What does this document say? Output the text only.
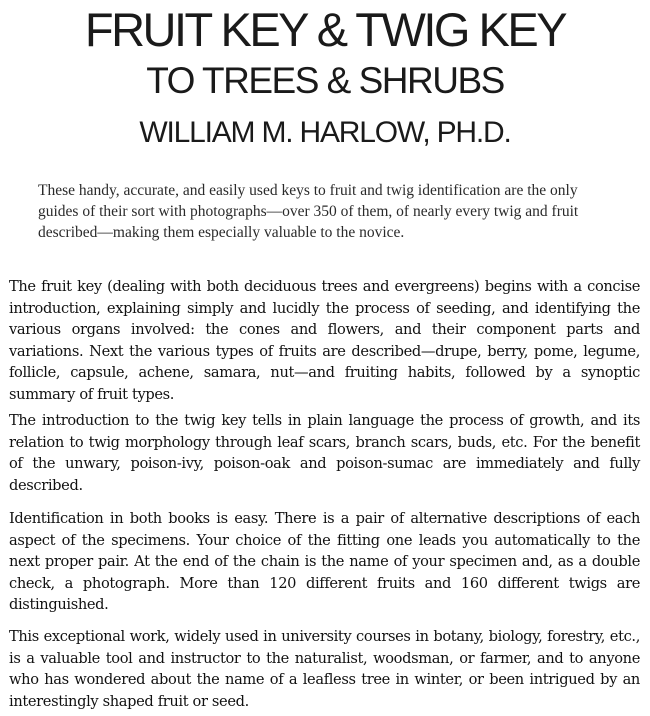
FRUIT KEY & TWIG KEY
TO TREES & SHRUBS
WILLIAM M. HARLOW, PH.D.

These handy, accurate, and easily used keys to fruit and twig identification are the only guides of their sort with photographs—over 350 of them, of nearly every twig and fruit described—making them especially valuable to the novice.

The fruit key (dealing with both deciduous trees and evergreens) begins with a concise introduction, explaining simply and lucidly the process of seeding, and identifying the various organs involved: the cones and flowers, and their component parts and variations. Next the various types of fruits are described—drupe, berry, pome, legume, follicle, capsule, achene, samara, nut—and fruiting habits, followed by a synoptic summary of fruit types.

The introduction to the twig key tells in plain language the process of growth, and its relation to twig morphology through leaf scars, branch scars, buds, etc. For the benefit of the unwary, poison-ivy, poison-oak and poison-sumac are immediately and fully described.

Identification in both books is easy. There is a pair of alternative descriptions of each aspect of the specimens. Your choice of the fitting one leads you automatically to the next proper pair. At the end of the chain is the name of your specimen and, as a double check, a photograph. More than 120 different fruits and 160 different twigs are distinguished.

This exceptional work, widely used in university courses in botany, biology, forestry, etc., is a valuable tool and instructor to the naturalist, woodsman, or farmer, and to anyone who has wondered about the name of a leafless tree in winter, or been intrigued by an interestingly shaped fruit or seed.
